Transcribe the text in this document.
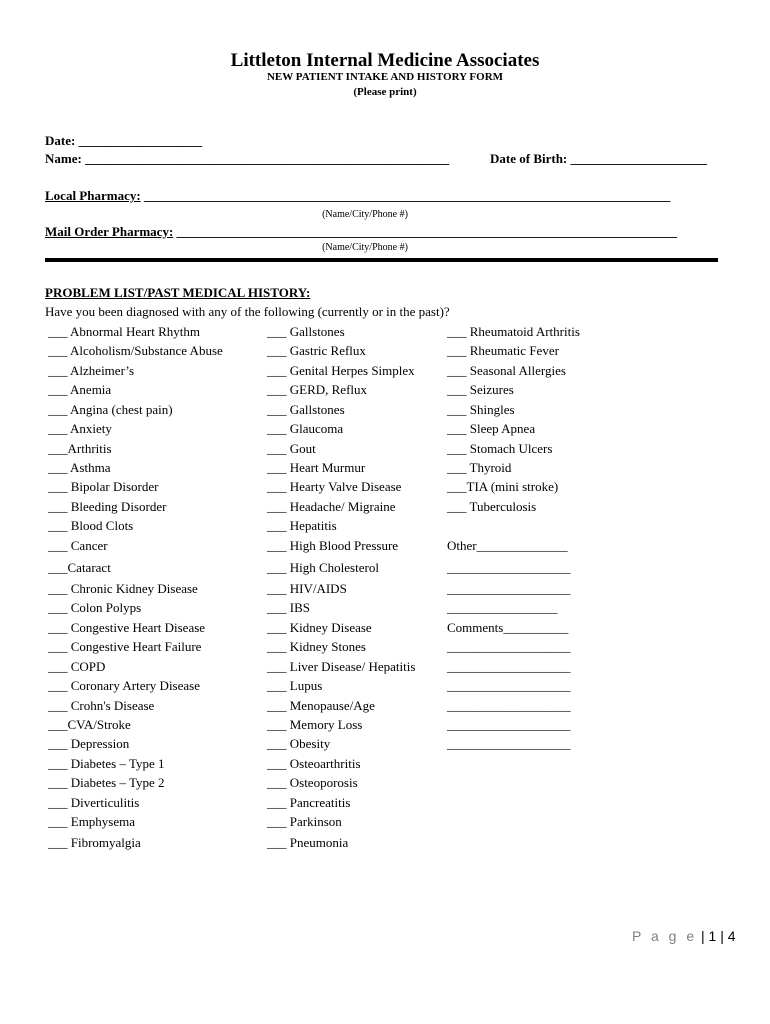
Littleton Internal Medicine Associates
NEW PATIENT INTAKE AND HISTORY FORM
(Please print)
Date: ___________________
Name: ________________________________________________________	Date of Birth: _____________________
Local Pharmacy: _________________________________________________________________________________
(Name/City/Phone #)
Mail Order Pharmacy: _____________________________________________________________________________
(Name/City/Phone #)
PROBLEM LIST/PAST MEDICAL HISTORY:
Have you been diagnosed with any of the following (currently or in the past)?
___ Abnormal Heart Rhythm
___ Alcoholism/Substance Abuse
___ Alzheimer’s
___ Anemia
___ Angina (chest pain)
___ Anxiety
___Arthritis
___ Asthma
___ Bipolar Disorder
___ Bleeding Disorder
___ Blood Clots
___ Cancer
___Cataract
___ Chronic Kidney Disease
___ Colon Polyps
___ Congestive Heart Disease
___ Congestive Heart Failure
___ COPD
___ Coronary Artery Disease
___ Crohn's Disease
___CVA/Stroke
___ Depression
___ Diabetes – Type 1
___ Diabetes – Type 2
___ Diverticulitis
___ Emphysema
___ Fibromyalgia
___ Gallstones
___ Gastric Reflux
___ Genital Herpes Simplex
___ GERD, Reflux
___ Gallstones
___ Glaucoma
___ Gout
___ Heart Murmur
___ Hearty Valve Disease
___ Headache/ Migraine
___ Hepatitis
___ High Blood Pressure
___ High Cholesterol
___ HIV/AIDS
___ IBS
___ Kidney Disease
___ Kidney Stones
___ Liver Disease/ Hepatitis
___ Lupus
___ Menopause/Age
___ Memory Loss
___ Obesity
___ Osteoarthritis
___ Osteoporosis
___ Pancreatitis
___ Parkinson
___ Pneumonia
___ Rheumatoid Arthritis
___ Rheumatic Fever
___ Seasonal Allergies
___ Seizures
___ Shingles
___ Sleep Apnea
___ Stomach Ulcers
___ Thyroid
___TIA (mini stroke)
___ Tuberculosis
Other______________
___________________
___________________
_________________
Comments__________
___________________
___________________
___________________
___________________
___________________
___________________
P a g e | 1 | 4
